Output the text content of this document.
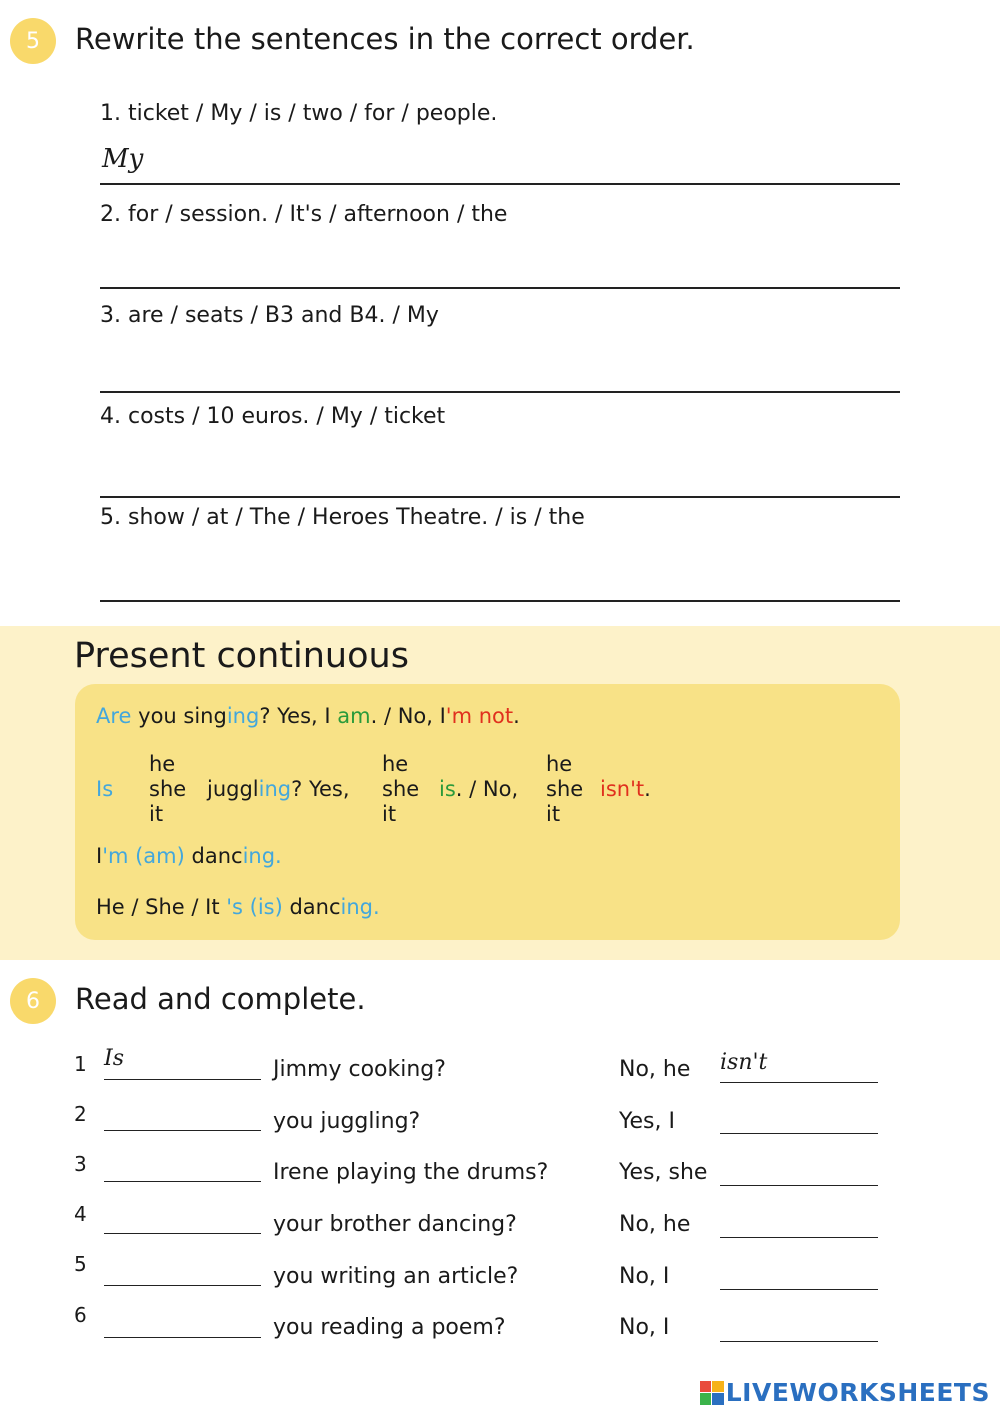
5	Rewrite the sentences in the correct order.
1. ticket / My / is / two / for / people.
My
2. for / session. / It's / afternoon / the
3. are / seats / B3 and B4. / My
4. costs / 10 euros. / My / ticket
5. show / at / The / Heroes Theatre. / is / the
Present continuous
Are you singing? Yes, I am. / No, I'm not.
Is
he
she
it
juggling? Yes,
he
she
it
is. / No,
he
she
it
isn't.
I'm (am) dancing.
He / She / It 's (is) dancing.
6	Read and complete.
1 Is	Jimmy cooking?	No, he isn't
2	you juggling?	Yes, I
3	Irene playing the drums?	Yes, she
4	your brother dancing?	No, he
5	you writing an article?	No, I
6	you reading a poem?	No, I
LIVEWORKSHEETS
